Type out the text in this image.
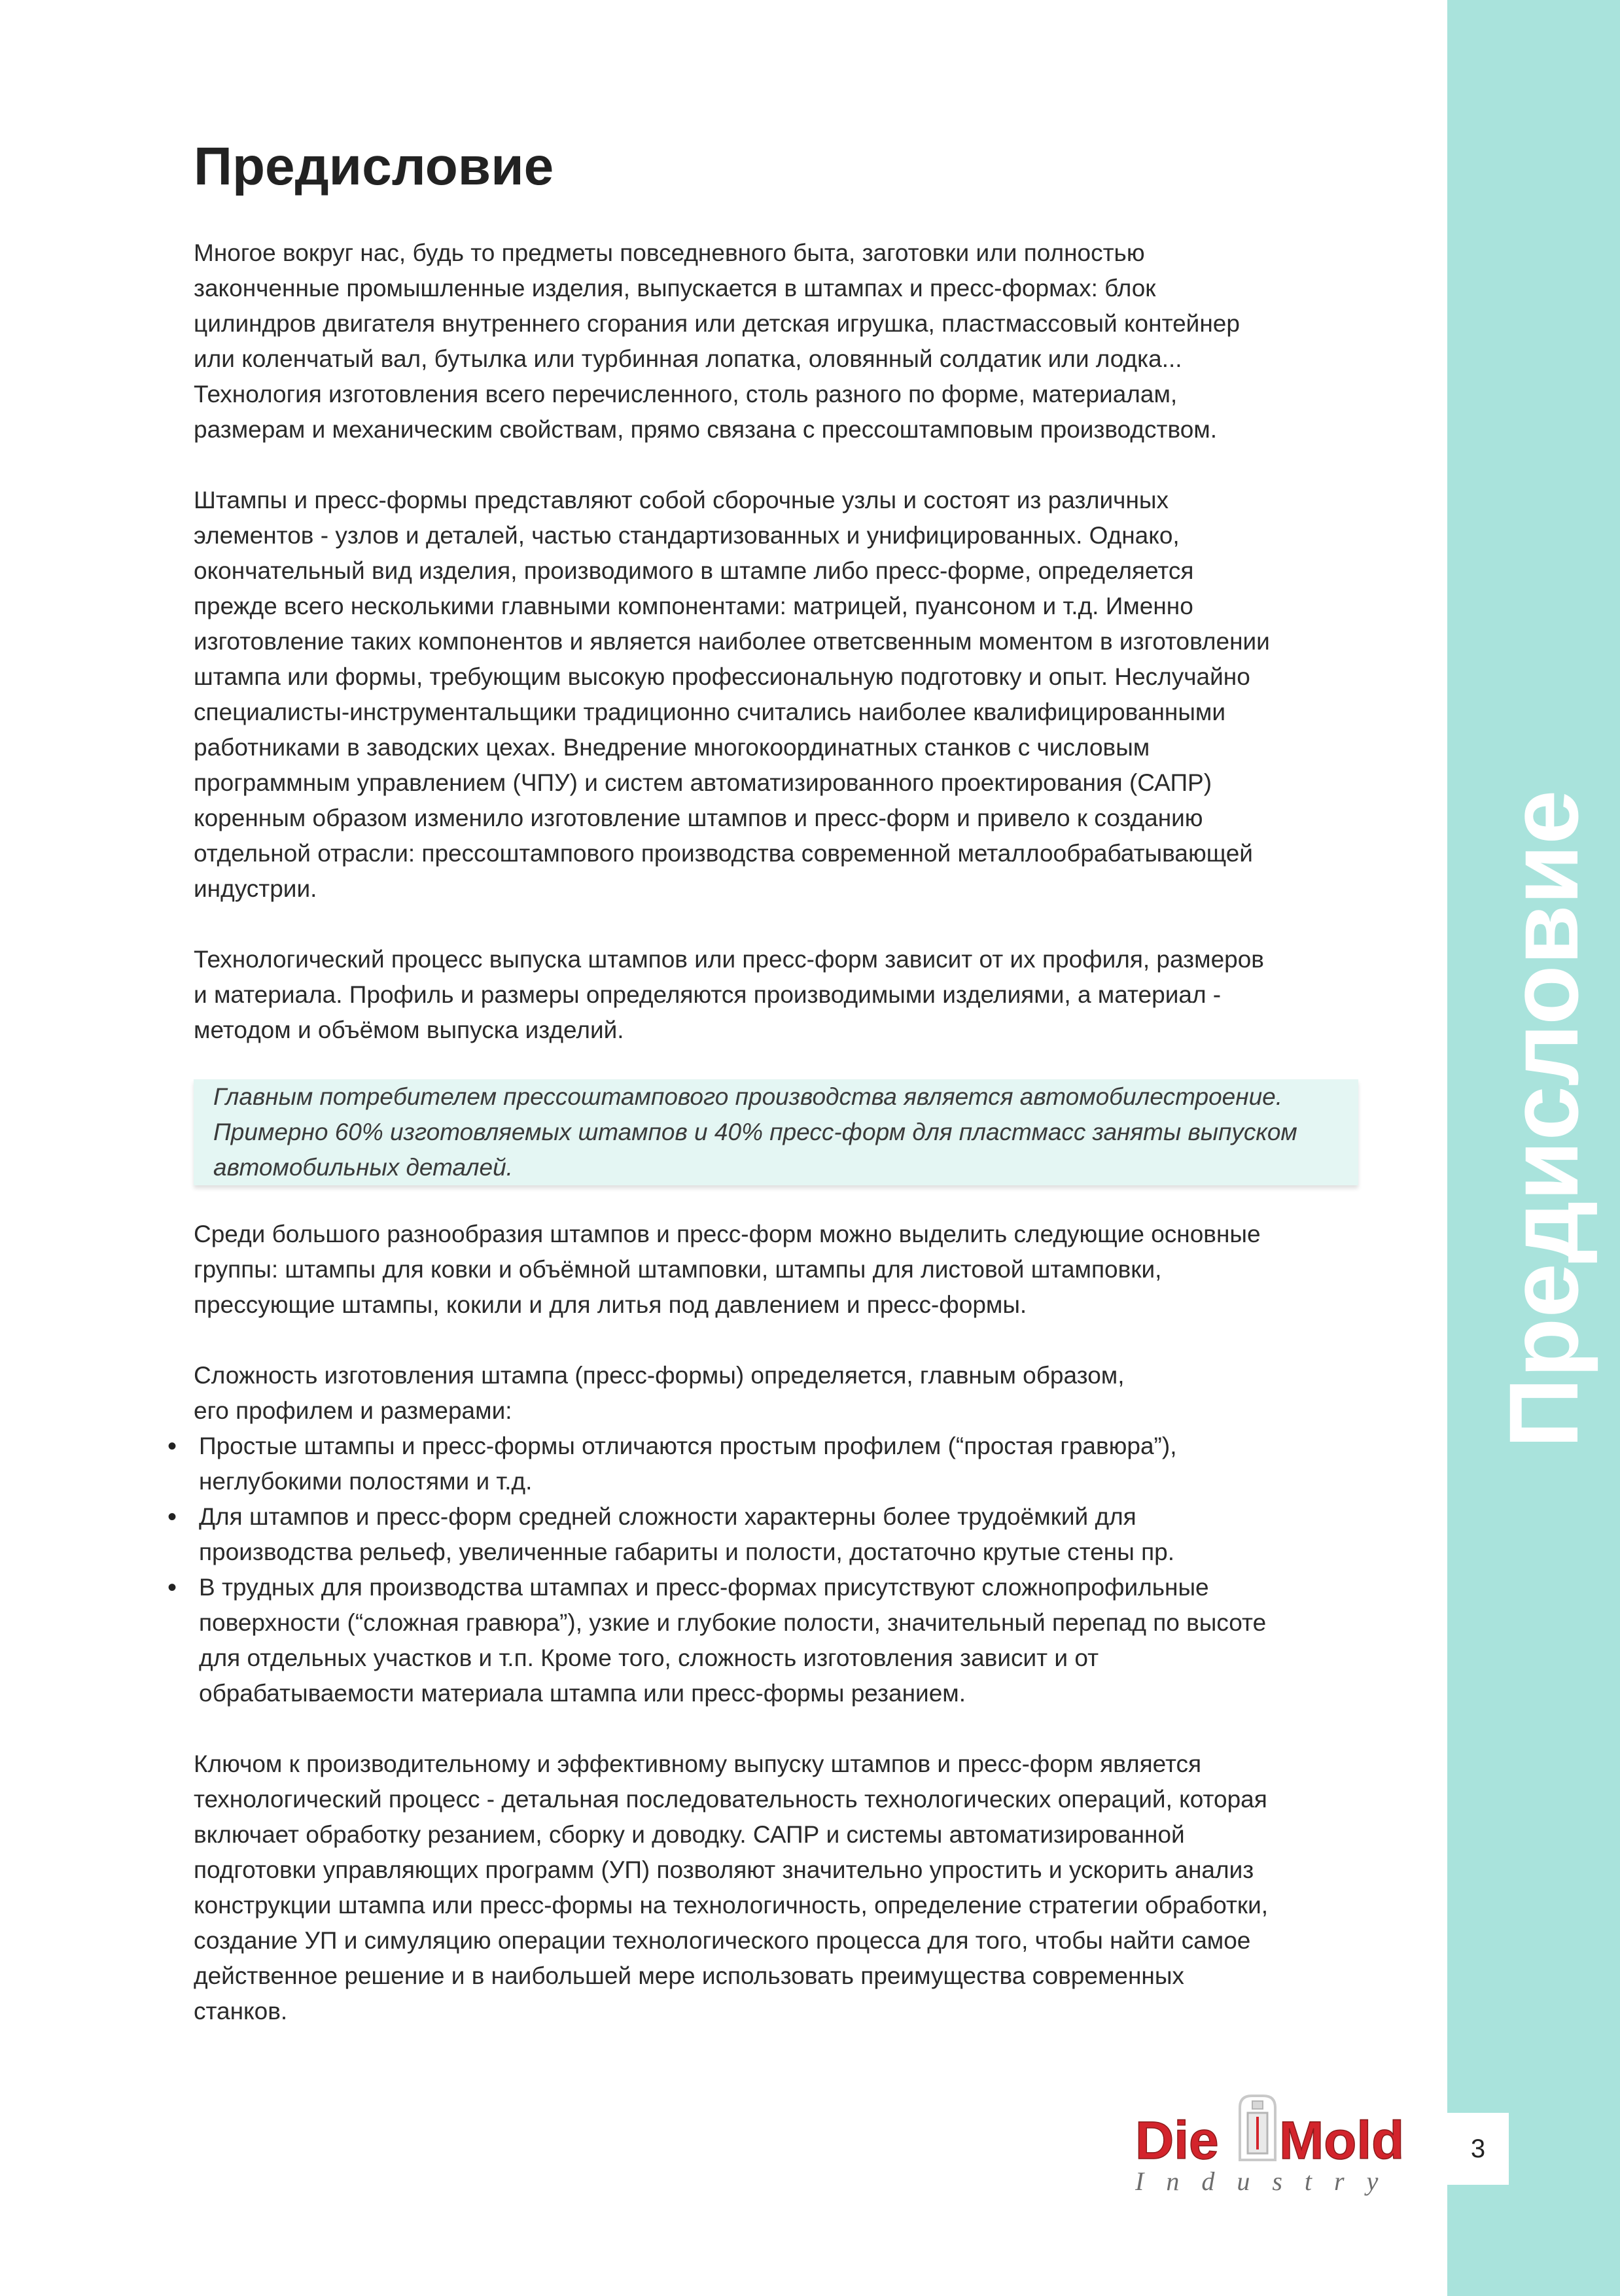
Предисловие
Предисловие

Многое вокруг нас, будь то предметы повседневного быта, заготовки или полностью
законченные промышленные изделия, выпускается в штампах и пресс-формах: блок
цилиндров двигателя внутреннего сгорания или детская игрушка, пластмассовый контейнер
или коленчатый вал, бутылка или турбинная лопатка, оловянный солдатик или лодка...
Технология изготовления всего перечисленного, столь разного по форме, материалам,
размерам и механическим свойствам, прямо связана с прессоштамповым производством.

Штампы и пресс-формы представляют собой сборочные узлы и состоят из различных
элементов - узлов и деталей, частью стандартизованных и унифицированных. Однако,
окончательный вид изделия, производимого в штампе либо пресс-форме, определяется
прежде всего несколькими главными компонентами: матрицей, пуансоном и т.д. Именно
изготовление таких компонентов и является наиболее ответсвенным моментом в изготовлении
штампа или формы, требующим высокую профессиональную подготовку и опыт. Неслучайно
специалисты-инструментальщики традиционно считались наиболее квалифицированными
работниками в заводских цехах. Внедрение многокоординатных станков с числовым
программным управлением (ЧПУ) и систем автоматизированного проектирования (САПР)
коренным образом изменило изготовление штампов и пресс-форм и привело к созданию
отдельной отрасли: прессоштампового производства современной металлообрабатывающей
индустрии.

Технологический процесс выпуска штампов или пресс-форм зависит от их профиля, размеров
и материала. Профиль и размеры определяются производимыми изделиями, а материал -
методом и объёмом выпуска изделий.

Главным потребителем прессоштампового производства является автомобилестроение.
Примерно 60% изготовляемых штампов и 40% пресс-форм для пластмасс заняты выпуском
автомобильных деталей.

Среди большого разнообразия штампов и пресс-форм можно выделить следующие основные
группы: штампы для ковки и объёмной штамповки, штампы для листовой штамповки,
прессующие штампы, кокили и для литья под давлением и пресс-формы.

Сложность изготовления штампа (пресс-формы) определяется, главным образом,
его профилем и размерами:

• Простые штампы и пресс-формы отличаются простым профилем (“простая гравюра”),
неглубокими полостями и т.д.
• Для штампов и пресс-форм средней сложности характерны более трудоёмкий для
производства рельеф, увеличенные габариты и полости, достаточно крутые стены пр.
• В трудных для производства штампах и пресс-формах присутствуют сложнопрофильные
поверхности (“сложная гравюра”), узкие и глубокие полости, значительный перепад по высоте
для отдельных участков и т.п. Кроме того, сложность изготовления зависит и от
обрабатываемости материала штампа или пресс-формы резанием.

Ключом к производительному и эффективному выпуску штампов и пресс-форм является
технологический процесс - детальная последовательность технологических операций, которая
включает обработку резанием, сборку и доводку. САПР и системы автоматизированной
подготовки управляющих программ (УП) позволяют значительно упростить и ускорить анализ
конструкции штампа или пресс-формы на технологичность, определение стратегии обработки,
создание УП и симуляцию операции технологического процесса для того, чтобы найти самое
действенное решение и в наибольшей мере использовать преимущества современных
станков.

Die Mold
Industry
3
